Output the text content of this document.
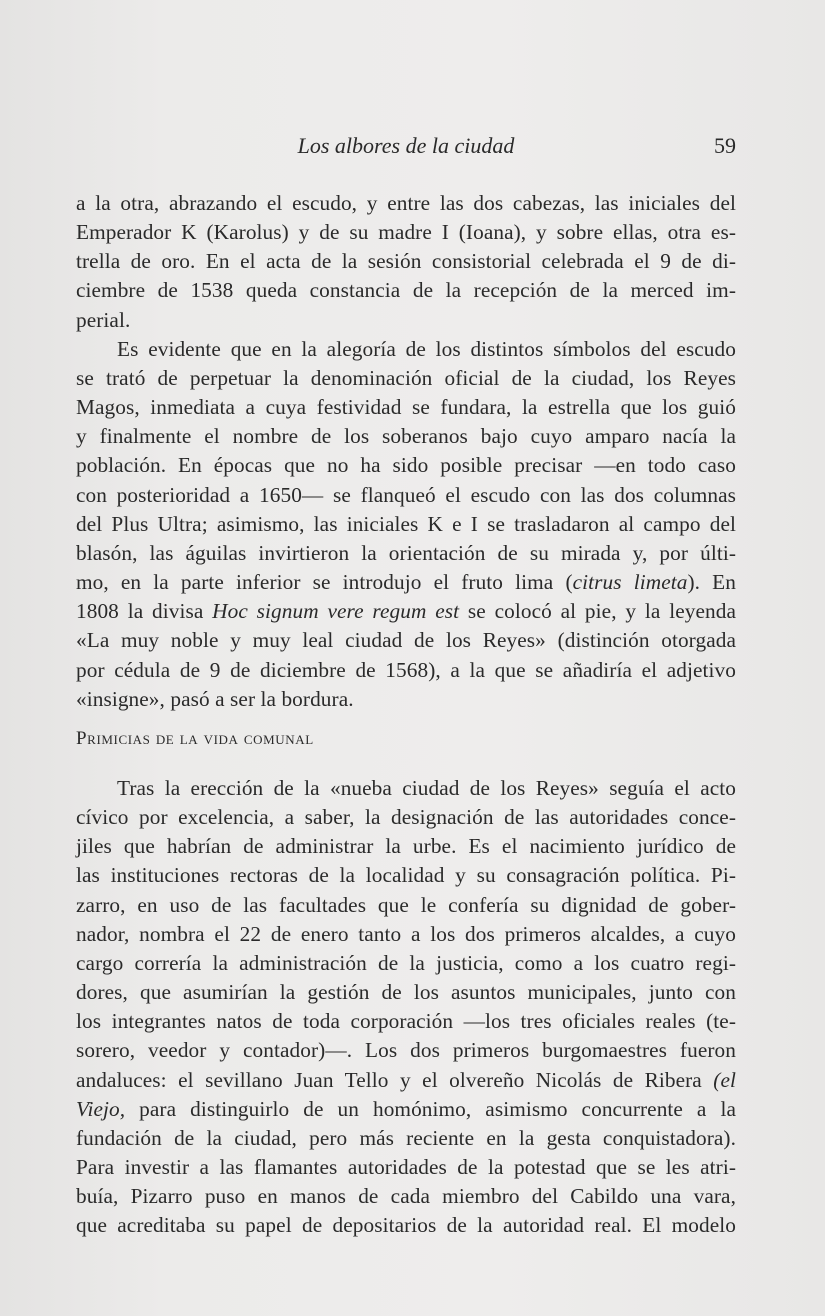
Los albores de la ciudad	59
a la otra, abrazando el escudo, y entre las dos cabezas, las iniciales del
Emperador K (Karolus) y de su madre I (Ioana), y sobre ellas, otra es-
trella de oro. En el acta de la sesión consistorial celebrada el 9 de di-
ciembre de 1538 queda constancia de la recepción de la merced im-
perial.
Es evidente que en la alegoría de los distintos símbolos del escudo
se trató de perpetuar la denominación oficial de la ciudad, los Reyes
Magos, inmediata a cuya festividad se fundara, la estrella que los guió
y finalmente el nombre de los soberanos bajo cuyo amparo nacía la
población. En épocas que no ha sido posible precisar —en todo caso
con posterioridad a 1650— se flanqueó el escudo con las dos columnas
del Plus Ultra; asimismo, las iniciales K e I se trasladaron al campo del
blasón, las águilas invirtieron la orientación de su mirada y, por últi-
mo, en la parte inferior se introdujo el fruto lima (citrus limeta). En
1808 la divisa Hoc signum vere regum est se colocó al pie, y la leyenda
«La muy noble y muy leal ciudad de los Reyes» (distinción otorgada
por cédula de 9 de diciembre de 1568), a la que se añadiría el adjetivo
«insigne», pasó a ser la bordura.
Primicias de la vida comunal
Tras la erección de la «nueba ciudad de los Reyes» seguía el acto
cívico por excelencia, a saber, la designación de las autoridades conce-
jiles que habrían de administrar la urbe. Es el nacimiento jurídico de
las instituciones rectoras de la localidad y su consagración política. Pi-
zarro, en uso de las facultades que le confería su dignidad de gober-
nador, nombra el 22 de enero tanto a los dos primeros alcaldes, a cuyo
cargo correría la administración de la justicia, como a los cuatro regi-
dores, que asumirían la gestión de los asuntos municipales, junto con
los integrantes natos de toda corporación —los tres oficiales reales (te-
sorero, veedor y contador)—. Los dos primeros burgomaestres fueron
andaluces: el sevillano Juan Tello y el olvereño Nicolás de Ribera (el
Viejo, para distinguirlo de un homónimo, asimismo concurrente a la
fundación de la ciudad, pero más reciente en la gesta conquistadora).
Para investir a las flamantes autoridades de la potestad que se les atri-
buía, Pizarro puso en manos de cada miembro del Cabildo una vara,
que acreditaba su papel de depositarios de la autoridad real. El modelo
